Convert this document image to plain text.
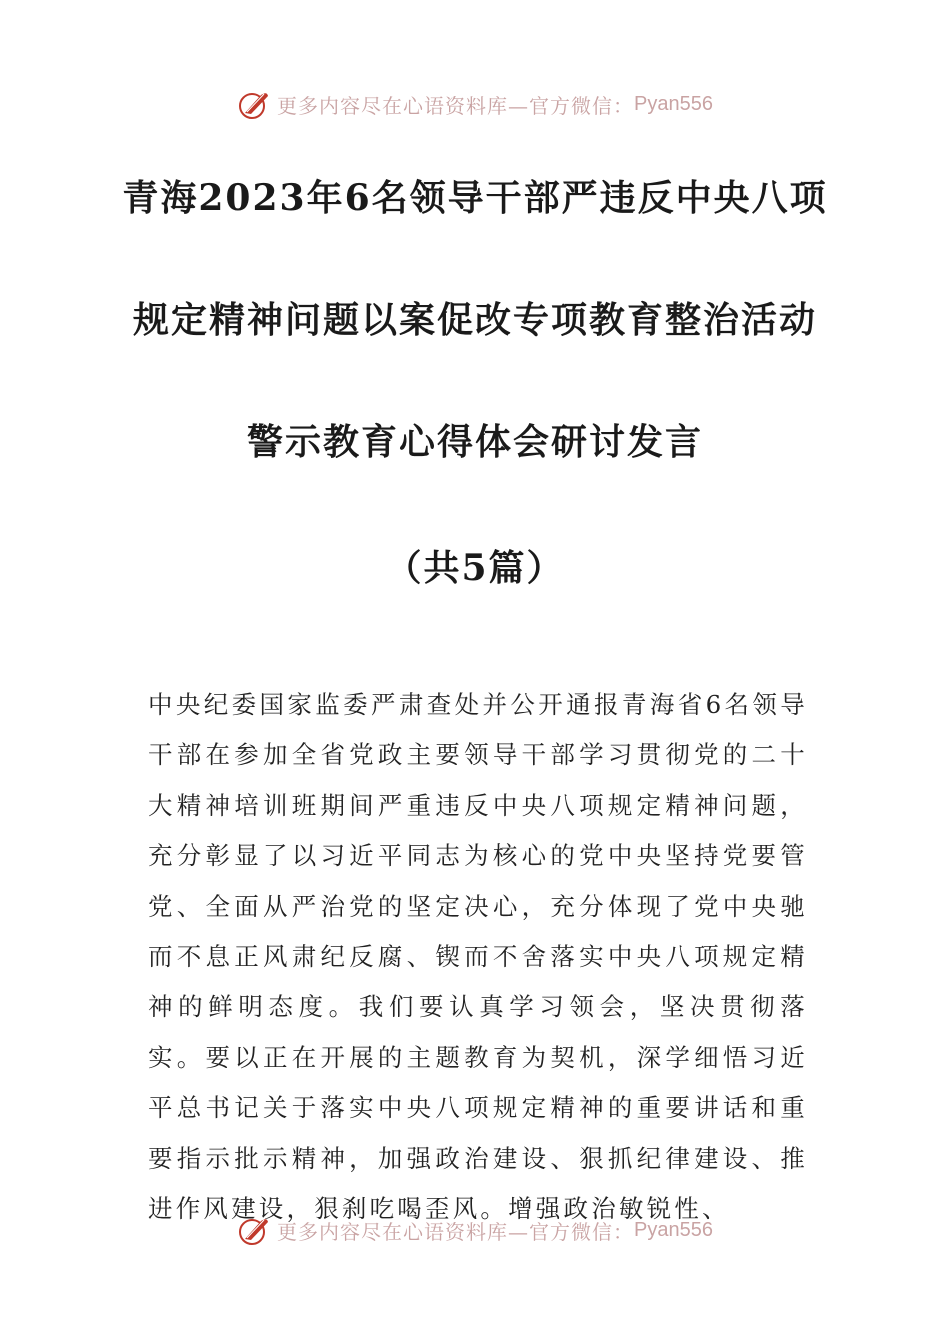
更多内容尽在心语资料库—官方微信： Pyan556
青海2023年6名领导干部严违反中央八项
规定精神问题以案促改专项教育整治活动
警示教育心得体会研讨发言
（共5篇）

中央纪委国家监委严肃查处并公开通报青海省6名领导干部在参加全省党政主要领导干部学习贯彻党的二十大精神培训班期间严重违反中央八项规定精神问题，充分彰显了以习近平同志为核心的党中央坚持党要管党、全面从严治党的坚定决心，充分体现了党中央驰而不息正风肃纪反腐、锲而不舍落实中央八项规定精神的鲜明态度。我们要认真学习领会，坚决贯彻落实。要以正在开展的主题教育为契机，深学细悟习近平总书记关于落实中央八项规定精神的重要讲话和重要指示批示精神，加强政治建设、狠抓纪律建设、推进作风建设，狠刹吃喝歪风。增强政治敏锐性、

更多内容尽在心语资料库—官方微信： Pyan556
